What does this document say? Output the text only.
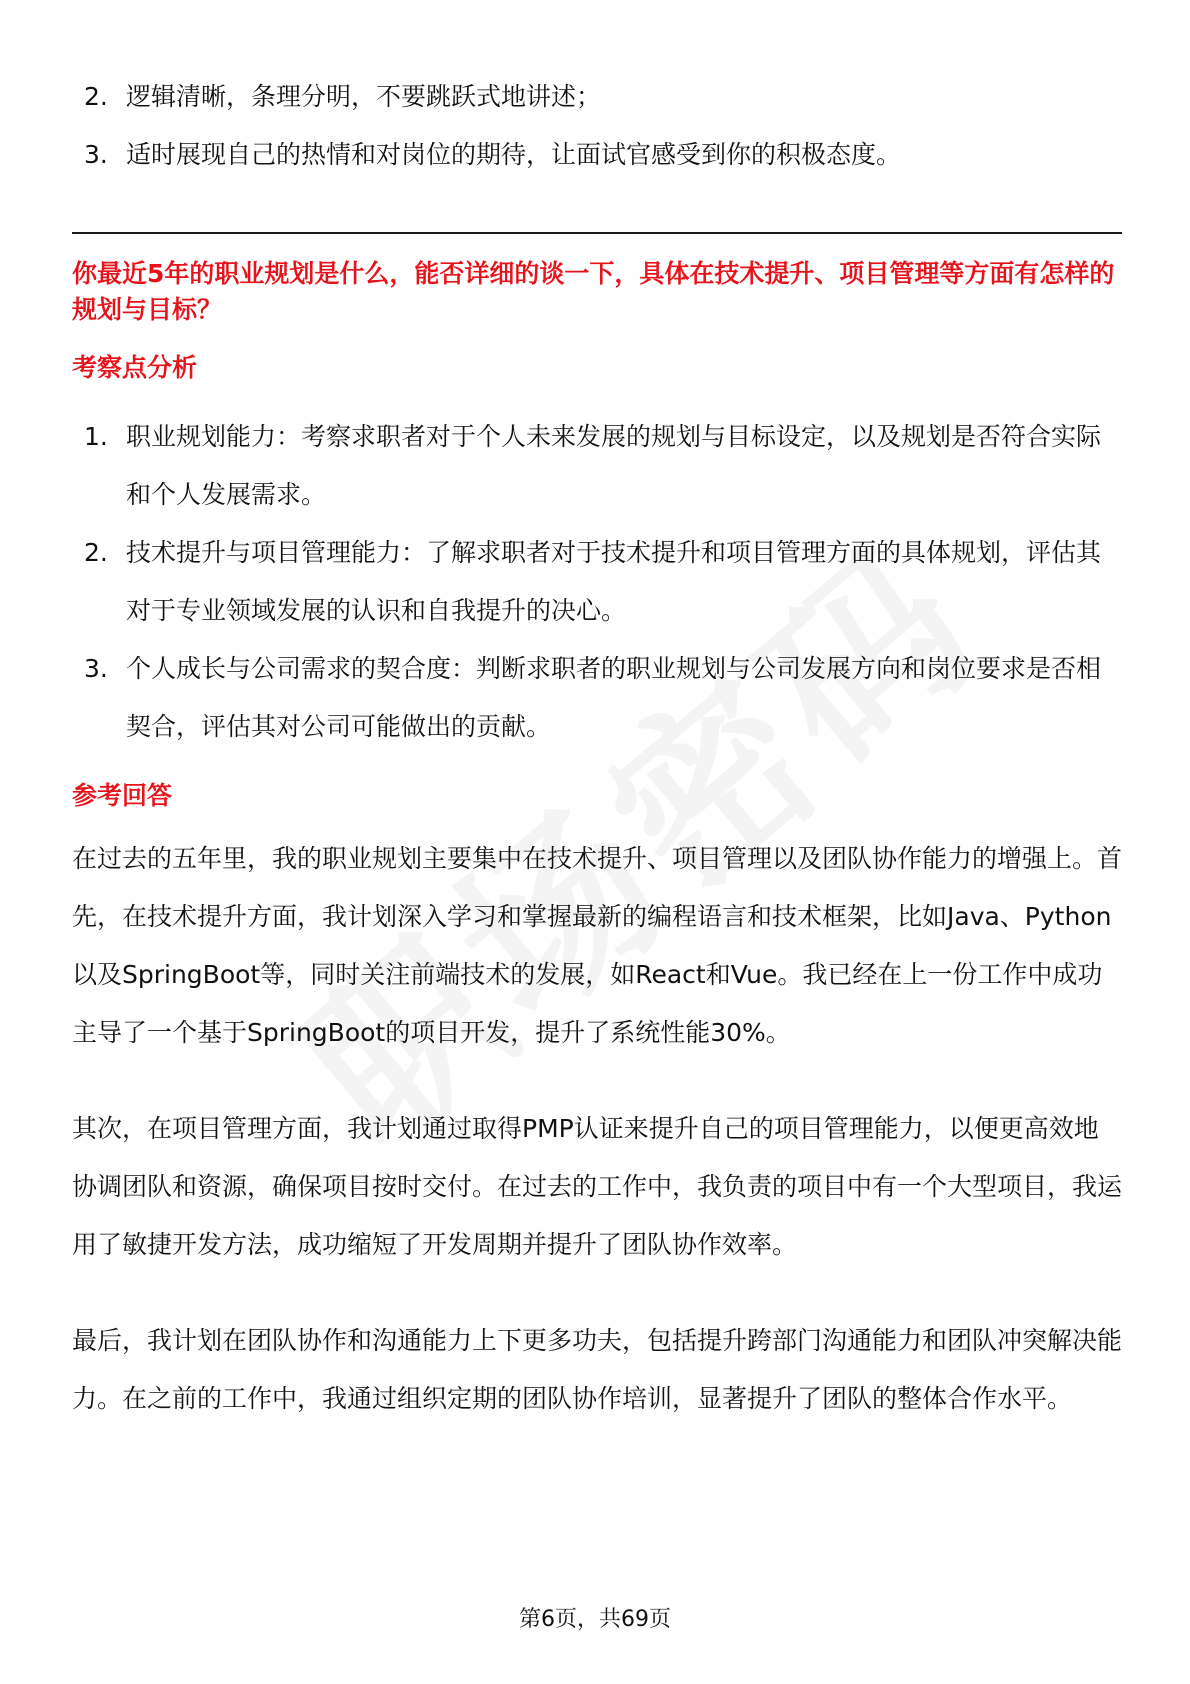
2. 逻辑清晰，条理分明，不要跳跃式地讲述；
3. 适时展现自己的热情和对岗位的期待，让面试官感受到你的积极态度。
你最近5年的职业规划是什么，能否详细的谈一下，具体在技术提升、项目管理等方面有怎样的规划与目标？
考察点分析
1. 职业规划能力：考察求职者对于个人未来发展的规划与目标设定，以及规划是否符合实际和个人发展需求。
2. 技术提升与项目管理能力：了解求职者对于技术提升和项目管理方面的具体规划，评估其对于专业领域发展的认识和自我提升的决心。
3. 个人成长与公司需求的契合度：判断求职者的职业规划与公司发展方向和岗位要求是否相契合，评估其对公司可能做出的贡献。
参考回答

在过去的五年里，我的职业规划主要集中在技术提升、项目管理以及团队协作能力的增强上。首先，在技术提升方面，我计划深入学习和掌握最新的编程语言和技术框架，比如Java、Python以及SpringBoot等，同时关注前端技术的发展，如React和Vue。我已经在上一份工作中成功主导了一个基于SpringBoot的项目开发，提升了系统性能30%。

其次，在项目管理方面，我计划通过取得PMP认证来提升自己的项目管理能力，以便更高效地协调团队和资源，确保项目按时交付。在过去的工作中，我负责的项目中有一个大型项目，我运用了敏捷开发方法，成功缩短了开发周期并提升了团队协作效率。

最后，我计划在团队协作和沟通能力上下更多功夫，包括提升跨部门沟通能力和团队冲突解决能力。在之前的工作中，我通过组织定期的团队协作培训，显著提升了团队的整体合作水平。

第6页，共69页
